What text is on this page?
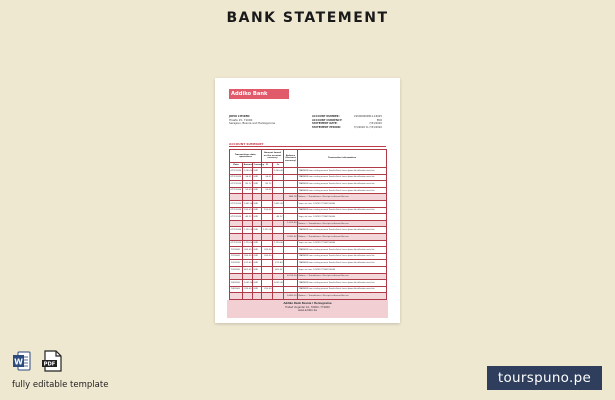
BANK STATEMENT
Addiko Bank
JOHN CITIZEN
Hrasfe 15, 71000
Sarajevo, Bosnia and Herzegovina
ACCOUNT NUMBER:	220000000811-16025
ACCOUNT CURRENCY:	EUR
STATEMENT DATE:	7/31/2020
STATEMENT PERIOD:	7/1/2020 to 7/31/2020
ACCOUNT SUMMARY
Transactions date, operations			Amount based on the account currency		Balance (Account currency)	Transaction information
Date	Amount	Currency	D	Cr		
07/1/2020	2,200.00	EUR		2,200.00		TRANSFER from existing account Transfer/Ident Lorem Ipsum Identification accts bla
07/1/2020	56.01	EUR	56.01			TRANSFER from existing account Transfer/Ident Lorem Ipsum Identification accts bla
07/1/2020	82.12	EUR	82.12			TRANSFER from existing account Transfer/Ident Lorem Ipsum Identification accts bla
07/1/2020	50.00	EUR	50.00			TRANSFER from existing account Transfer/Ident Lorem Ipsum Identification accts bla
					886.78	Balance - / Transaktionen / Receipts in Account Ebu sou
07/1/2020	1,901.00	EUR		1,901.00		Super site time 1.097012771001190000
07/1/2020	150.00	EUR	150.00			TRANSFER from existing account Transfer/Ident Lorem Ipsum Identification accts bla
07/1/2020	40.12	EUR		40.12		Super site time 1.097012771001190000
					1,202.40	Balance - / Transaktionen / Receipts in Account Ebu sou
07/1/2020	1,112.20	EUR	1,112.20			TRANSFER from existing account Transfer/Ident Lorem Ipsum Identification accts bla
					2,581.62	Balance - / Transaktionen / Receipts in Account Ebu sou
07/1/2020	1,110.00	EUR		1,110.00		Super site time 1.097012771001190000
7/2/2020	200.00	EUR	200.00			TRANSFER from existing account Transfer/Ident Lorem Ipsum Identification accts bla
7/2/2020	200.00	EUR	200.00			TRANSFER from existing account Transfer/Ident Lorem Ipsum Identification accts bla
7/3/2020	511.60	EUR		511.60		TRANSFER from existing account Transfer/Ident Lorem Ipsum Identification accts bla
7/3/2020	401.02	EUR		401.02		Super site time 1.097012771001190000
					4,700.00	Balance - / Transaktionen / Receipts in Account Ebu sou
7/4/2020	1,001.00	EUR		1,001.00		TRANSFER from existing account Transfer/Ident Lorem Ipsum Identification accts bla
7/4/2020	220.00	EUR	220.00			TRANSFER from existing account Transfer/Ident Lorem Ipsum Identification accts bla
					5,481.00	Balance - / Transaktionen / Receipts in Account Ebu sou
Addiko Bank Bosnia i Herzegovina
Trabet Ungaider 10, 76000, 774000
www.addiko.ba
W	PDF
fully editable template	tourspuno.pe
